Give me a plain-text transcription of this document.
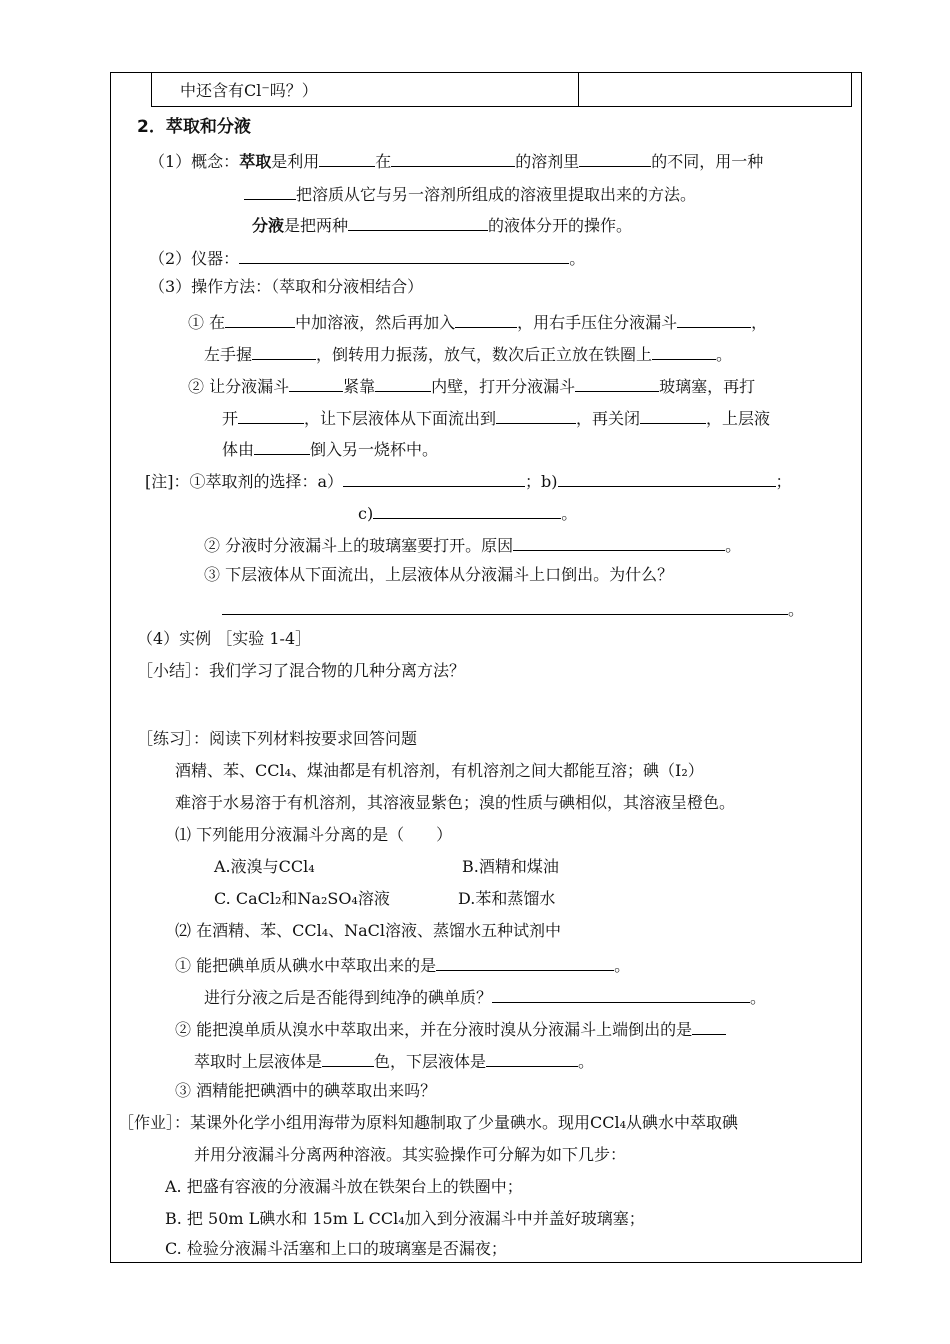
中还含有Cl⁻吗？）
2．萃取和分液
（1）概念：萃取是利用	在	的溶剂里	的不同，用一种
把溶质从它与另一溶剂所组成的溶液里提取出来的方法。
分液是把两种	的液体分开的操作。
（2）仪器：	。
（3）操作方法：（萃取和分液相结合）
① 在	中加溶液，然后再加入	，用右手压住分液漏斗	，
左手握	，倒转用力振荡，放气，数次后正立放在铁圈上	。
② 让分液漏斗	紧靠	内壁，打开分液漏斗	玻璃塞，再打
开	，让下层液体从下面流出到	，再关闭	，上层液
体由	倒入另一烧杯中。
[注]：①萃取剂的选择：a）	；b)	；
c)	。
② 分液时分液漏斗上的玻璃塞要打开。原因	。
③ 下层液体从下面流出，上层液体从分液漏斗上口倒出。为什么？
。
（4）实例 ［实验 1-4］
［小结］：我们学习了混合物的几种分离方法？
［练习］：阅读下列材料按要求回答问题
酒精、苯、CCl₄、煤油都是有机溶剂，有机溶剂之间大都能互溶；碘（I₂）
难溶于水易溶于有机溶剂，其溶液显紫色；溴的性质与碘相似，其溶液呈橙色。
⑴ 下列能用分液漏斗分离的是（　　）
A.液溴与CCl₄	B.酒精和煤油
C. CaCl₂和Na₂SO₄溶液	D.苯和蒸馏水
⑵ 在酒精、苯、CCl₄、NaCl溶液、蒸馏水五种试剂中
① 能把碘单质从碘水中萃取出来的是	。
进行分液之后是否能得到纯净的碘单质？	。
② 能把溴单质从溴水中萃取出来，并在分液时溴从分液漏斗上端倒出的是
萃取时上层液体是	色，下层液体是	。
③ 酒精能把碘酒中的碘萃取出来吗？
［作业］：某课外化学小组用海带为原料知趣制取了少量碘水。现用CCl₄从碘水中萃取碘
并用分液漏斗分离两种溶液。其实验操作可分解为如下几步：
A. 把盛有容液的分液漏斗放在铁架台上的铁圈中；
B. 把 50m L碘水和 15m L CCl₄加入到分液漏斗中并盖好玻璃塞；
C. 检验分液漏斗活塞和上口的玻璃塞是否漏夜；
